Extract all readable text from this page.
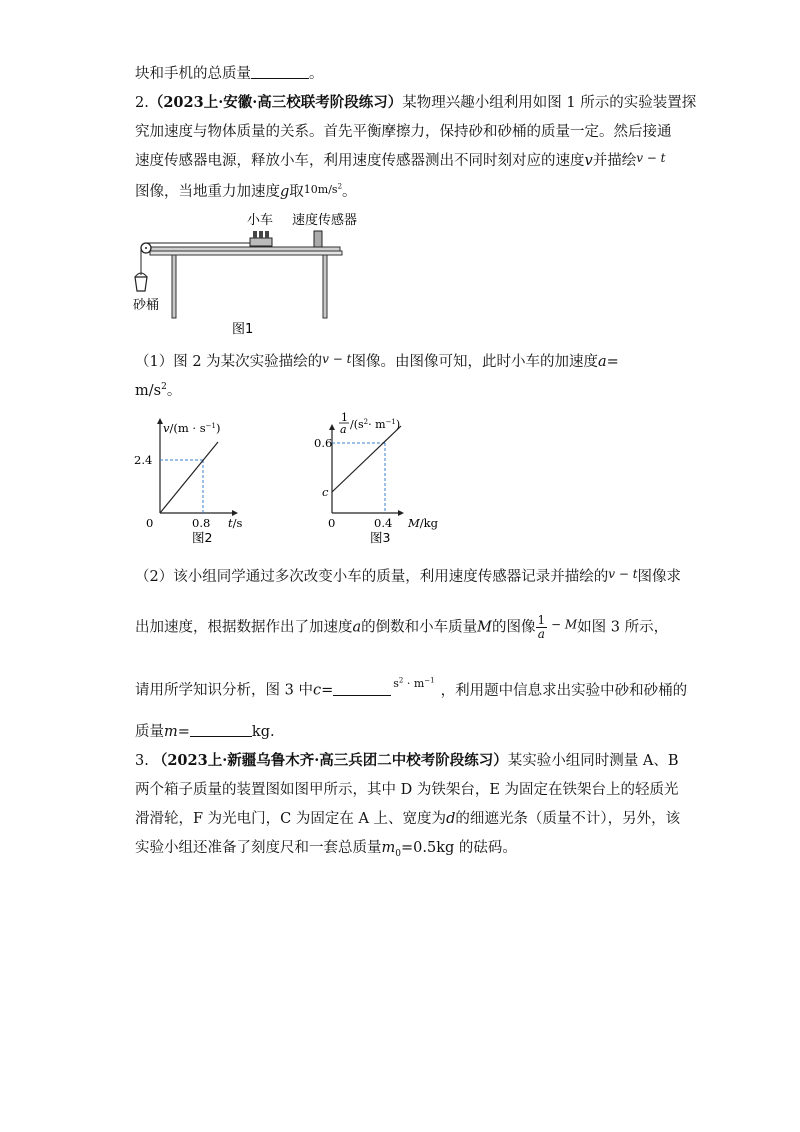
块和手机的总质量	。
2.（2023上·安徽·高三校联考阶段练习）某物理兴趣小组利用如图 1 所示的实验装置探
究加速度与物体质量的关系。首先平衡摩擦力，保持砂和砂桶的质量一定。然后接通
速度传感器电源，释放小车，利用速度传感器测出不同时刻对应的速度v并描绘$^{v - t}$
图像，当地重力加速度g取$^{10m/s^2}$。
小车 速度传感器
砂桶
图1
（1）图 2 为某次实验描绘的$^{v - t}$图像。由图像可知，此时小车的加速度a=
$m/s^2$。
$v/(m \cdot s^{-1})$
2.4
0	0.8 t/s
图2
1
a $/(s^2\cdot m^{-1})$
0.6
c
0	0.4 M/kg
图3
（2）该小组同学通过多次改变小车的质量，利用速度传感器记录并描绘的$^{v - t}$图像求
出加速度，根据数据作出了加速度a的倒数和小车质量M的图像 $\frac{1}{a} ^{- M}$如图 3 所示，
请用所学知识分析，图 3 中c=	$^{s^2 \cdot m^{-1}}$，利用题中信息求出实验中砂和砂桶的
质量m=	kg.
3. （2023上·新疆乌鲁木齐·高三兵团二中校考阶段练习）某实验小组同时测量 A、B
两个箱子质量的装置图如图甲所示，其中 D 为铁架台，E 为固定在铁架台上的轻质光
滑滑轮，F 为光电门，C 为固定在 A 上、宽度为d的细遮光条（质量不计），另外，该
实验小组还准备了刻度尺和一套总质量$m_0=0.5kg$ 的砝码。
